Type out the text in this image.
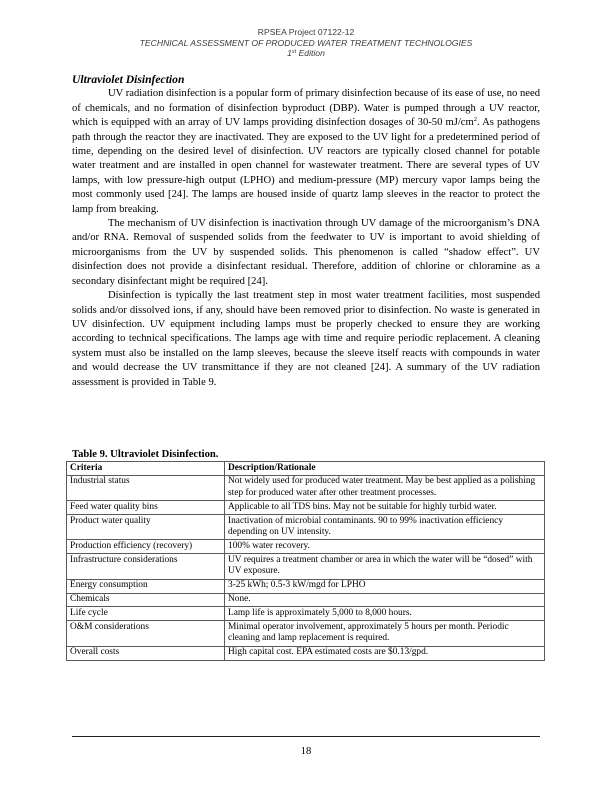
RPSEA Project 07122-12
TECHNICAL ASSESSMENT OF PRODUCED WATER TREATMENT TECHNOLOGIES
1st Edition

Ultraviolet Disinfection

UV radiation disinfection is a popular form of primary disinfection because of its ease of use, no need of chemicals, and no formation of disinfection byproduct (DBP). Water is pumped through a UV reactor, which is equipped with an array of UV lamps providing disinfection dosages of 30-50 $mJ/cm^2$. As pathogens path through the reactor they are inactivated. They are exposed to the UV light for a predetermined period of time, depending on the desired level of disinfection. UV reactors are typically closed channel for potable water treatment and are installed in open channel for wastewater treatment. There are several types of UV lamps, with low pressure-high output (LPHO) and medium-pressure (MP) mercury vapor lamps being the most commonly used [24]. The lamps are housed inside of quartz lamp sleeves in the reactor to protect the lamp from breaking.

The mechanism of UV disinfection is inactivation through UV damage of the microorganism’s DNA and/or RNA. Removal of suspended solids from the feedwater to UV is important to avoid shielding of microorganisms from the UV by suspended solids. This phenomenon is called “shadow effect”. UV disinfection does not provide a disinfectant residual. Therefore, addition of chlorine or chloramine as a secondary disinfectant might be required [24].

Disinfection is typically the last treatment step in most water treatment facilities, most suspended solids and/or dissolved ions, if any, should have been removed prior to disinfection. No waste is generated in UV disinfection. UV equipment including lamps must be properly checked to ensure they are working according to technical specifications. The lamps age with time and require periodic replacement. A cleaning system must also be installed on the lamp sleeves, because the sleeve itself reacts with compounds in water and would decrease the UV transmittance if they are not cleaned [24]. A summary of the UV radiation assessment is provided in Table 9.

Table 9. Ultraviolet Disinfection.

Criteria	Description/Rationale
Industrial status	Not widely used for produced water treatment. May be best applied as a polishing step for produced water after other treatment processes.
Feed water quality bins	Applicable to all TDS bins. May not be suitable for highly turbid water.
Product water quality	Inactivation of microbial contaminants. 90 to 99% inactivation efficiency depending on UV intensity.
Production efficiency (recovery)	100% water recovery.
Infrastructure considerations	UV requires a treatment chamber or area in which the water will be “dosed” with UV exposure.
Energy consumption	3-25 kWh; 0.5-3 kW/mgd for LPHO
Chemicals	None.
Life cycle	Lamp life is approximately 5,000 to 8,000 hours.
O&M considerations	Minimal operator involvement, approximately 5 hours per month. Periodic cleaning and lamp replacement is required.
Overall costs	High capital cost. EPA estimated costs are $0.13/gpd.
18
